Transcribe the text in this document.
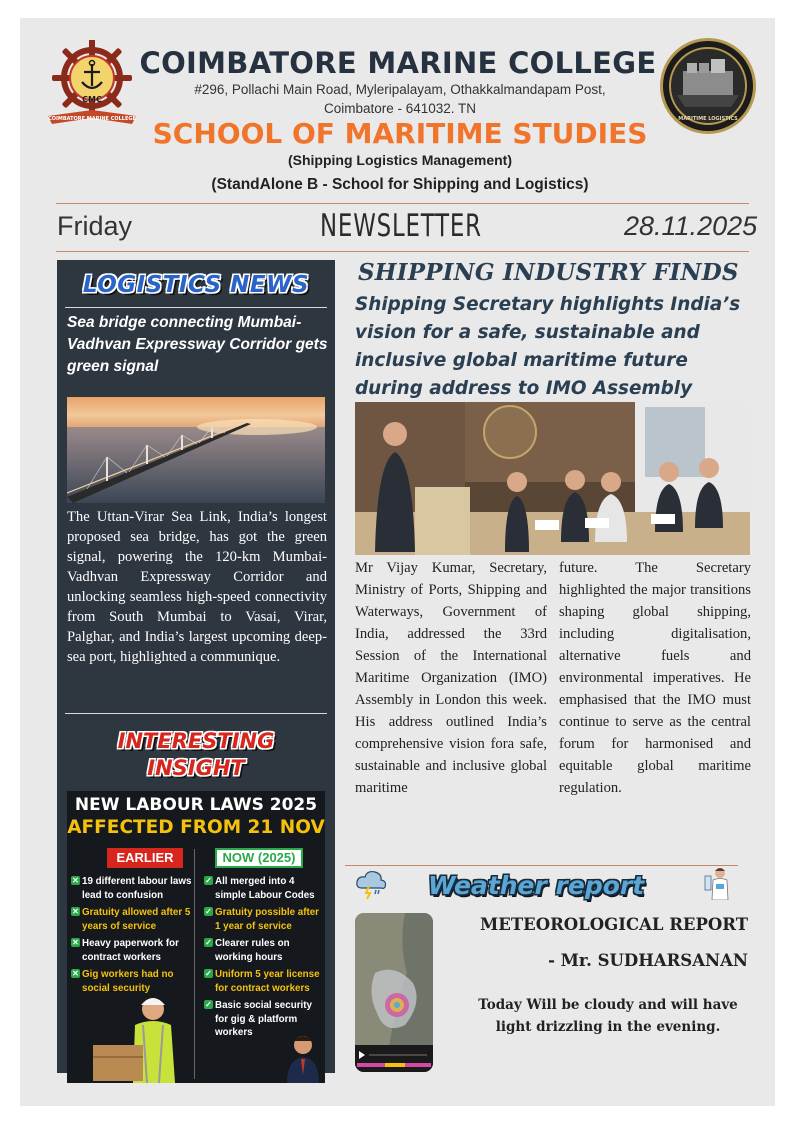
CMC
COIMBATORE MARINE COLLEGE
COIMBATORE MARINE COLLEGE
#296, Pollachi Main Road, Myleripalayam, Othakkalmandapam Post,
Coimbatore - 641032. TN
SCHOOL OF MARITIME STUDIES
(Shipping Logistics Management)
(StandAlone B - School for Shipping and Logistics)
MARITIME LOGISTICS
Friday	NEWSLETTER	28.11.2025
LOGISTICS NEWS
Sea bridge connecting Mumbai-Vadhvan Expressway Corridor gets green signal
The Uttan-Virar Sea Link, India’s longest proposed sea bridge, has got the green signal, powering the 120-km Mumbai-Vadhvan Expressway Corridor and unlocking seamless high-speed connectivity from South Mumbai to Vasai, Virar, Palghar, and India’s largest upcoming deep-sea port, highlighted a communique.
INTERESTING
INSIGHT
NEW LABOUR LAWS 2025
AFFECTED FROM 21 NOV
EARLIER	NOW (2025)
✕ 19 different labour laws lead to confusion
✕ Gratuity allowed after 5 years of service
✕ Heavy paperwork for contract workers
✕ Gig workers had no social security
✓ All merged into 4 simple Labour Codes
✓ Gratuity possible after 1 year of service
✓ Clearer rules on working hours
✓ Uniform 5 year license for contract workers
✓ Basic social security for gig & platform workers
SHIPPING INDUSTRY FINDS
Shipping Secretary highlights India’s vision for a safe, sustainable and inclusive global maritime future during address to IMO Assembly
Mr Vijay Kumar, Secretary, Ministry of Ports, Shipping and Waterways, Government of India, addressed the 33rd Session of the International Maritime Organization (IMO) Assembly in London this week. His address outlined India’s comprehensive vision fora safe, sustainable and inclusive global maritime
future. The Secretary highlighted the major transitions shaping global shipping, including digitalisation, alternative fuels and environmental imperatives. He emphasised that the IMO must continue to serve as the central forum for harmonised and equitable global maritime regulation.
Weather report
METEOROLOGICAL REPORT
- Mr. SUDHARSANAN
Today Will be cloudy and will have light drizzling in the evening.
